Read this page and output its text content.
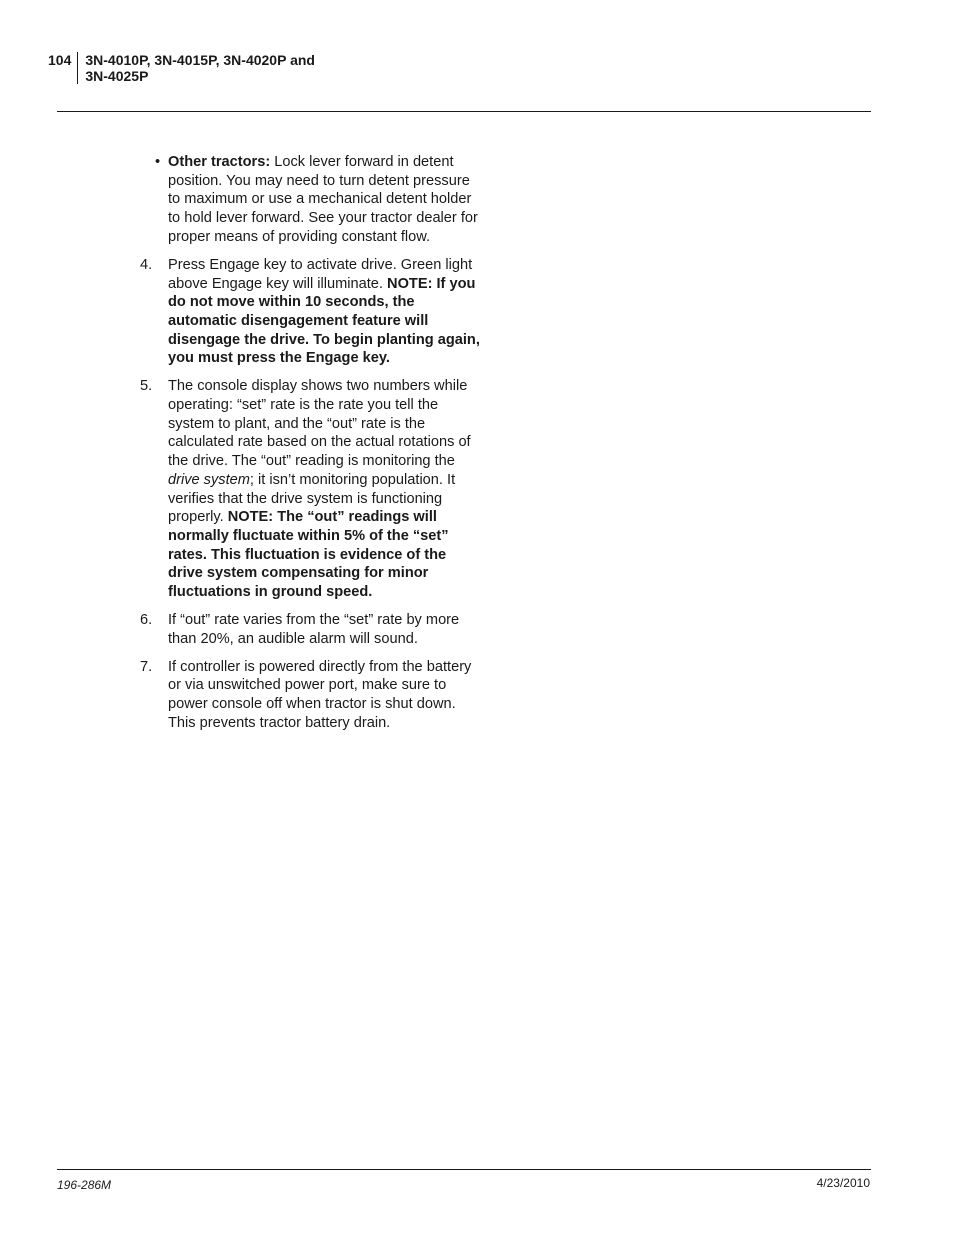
104	3N-4010P, 3N-4015P, 3N-4020P and
3N-4025P
• Other tractors: Lock lever forward in detent position. You may need to turn detent pressure to maximum or use a mechanical detent holder to hold lever forward. See your tractor dealer for proper means of providing constant flow.
4.	Press Engage key to activate drive. Green light above Engage key will illuminate. NOTE: If you do not move within 10 seconds, the automatic disengagement feature will disengage the drive. To begin planting again, you must press the Engage key.
5.	The console display shows two numbers while operating: “set” rate is the rate you tell the system to plant, and the “out” rate is the calculated rate based on the actual rotations of the drive. The “out” reading is monitoring the drive system; it isn’t monitoring population. It verifies that the drive system is functioning properly. NOTE: The “out” readings will normally fluctuate within 5% of the “set” rates. This fluctuation is evidence of the drive system compensating for minor fluctuations in ground speed.
6.	If “out” rate varies from the “set” rate by more than 20%, an audible alarm will sound.
7.	If controller is powered directly from the battery or via unswitched power port, make sure to power console off when tractor is shut down. This prevents tractor battery drain.
196-286M	4/23/2010
